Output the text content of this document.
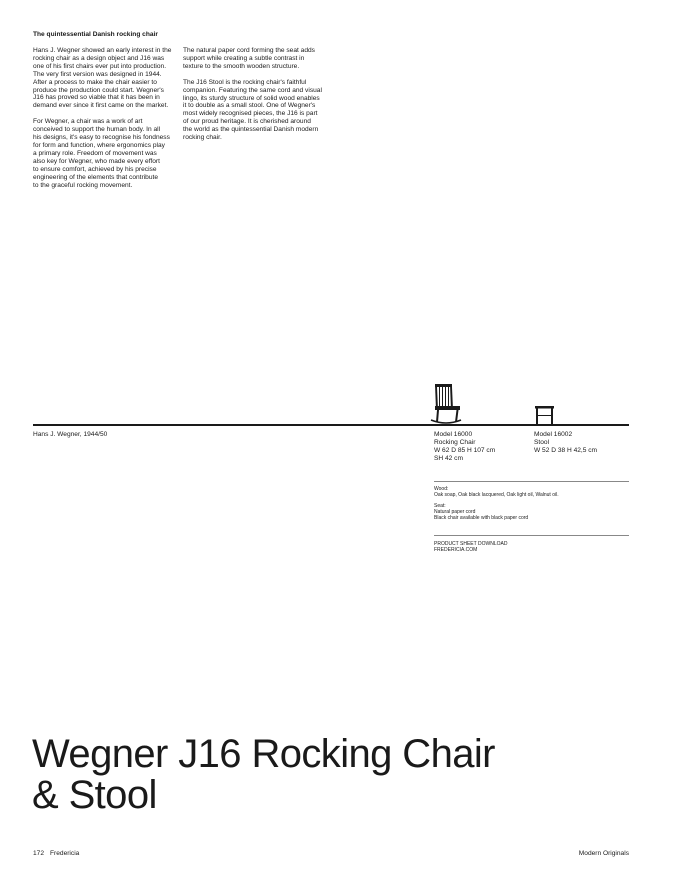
The quintessential Danish rocking chair

Hans J. Wegner showed an early interest in the
rocking chair as a design object and J16 was
one of his first chairs ever put into production.
The very first version was designed in 1944.
After a process to make the chair easier to
produce the production could start. Wegner's
J16 has proved so viable that it has been in
demand ever since it first came on the market.

For Wegner, a chair was a work of art
conceived to support the human body. In all
his designs, it's easy to recognise his fondness
for form and function, where ergonomics play
a primary role. Freedom of movement was
also key for Wegner, who made every effort
to ensure comfort, achieved by his precise
engineering of the elements that contribute
to the graceful rocking movement.

The natural paper cord forming the seat adds
support while creating a subtle contrast in
texture to the smooth wooden structure.

The J16 Stool is the rocking chair's faithful
companion. Featuring the same cord and visual
lingo, its sturdy structure of solid wood enables
it to double as a small stool. One of Wegner's
most widely recognised pieces, the J16 is part
of our proud heritage. It is cherished around
the world as the quintessential Danish modern
rocking chair.

Hans J. Wegner, 1944/50	Model 16000
Rocking Chair
W 62 D 85 H 107 cm
SH 42 cm
Model 16002
Stool
W 52 D 38 H 42,5 cm
Wood:
Oak soap, Oak black lacquered, Oak light oil, Walnut oil.
Seat:
Natural paper cord
Black chair available with black paper cord
PRODUCT SHEET DOWNLOAD
FREDERICIA.COM
Wegner J16 Rocking Chair
& Stool
172 Fredericia	Modern Originals
